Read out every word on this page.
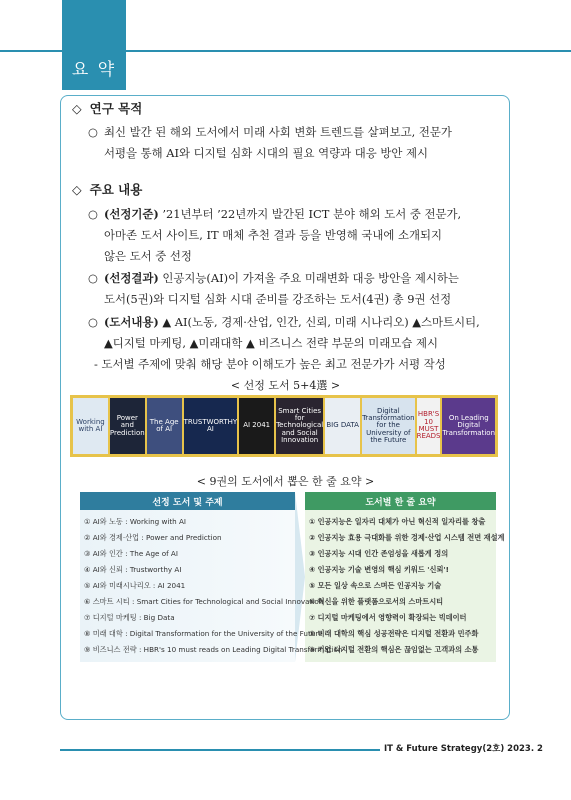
요 약
◇ 연구 목적
○ 최신 발간 된 해외 도서에서 미래 사회 변화 트렌드를 살펴보고, 전문가
서평을 통해 AI와 디지털 심화 시대의 필요 역량과 대응 방안 제시
◇ 주요 내용
○ (선정기준) ’21년부터 ’22년까지 발간된 ICT 분야 해외 도서 중 전문가,
아마존 도서 사이트, IT 매체 추천 결과 등을 반영해 국내에 소개되지
않은 도서 중 선정
○ (선정결과) 인공지능(AI)이 가져올 주요 미래변화 대응 방안을 제시하는
도서(5권)와 디지털 심화 시대 준비를 강조하는 도서(4권) 총 9권 선정
○ (도서내용) ▲ AI(노동, 경제·산업, 인간, 신뢰, 미래 시나리오) ▲스마트시티,
▲디지털 마케팅, ▲미래대학 ▲ 비즈니스 전략 부문의 미래모습 제시
- 도서별 주제에 맞춰 해당 분야 이해도가 높은 최고 전문가가 서평 작성
< 선정 도서 5+4選 >
Working with AI
Power and Prediction
The Age of AI
TRUSTWORTHY AI	AI 2041
Smart Cities for Technological and Social Innovation
BIG DATA
Digital Transformation for the University of the Future
HBR'S 10 MUST READS
On Leading Digital Transformation
< 9권의 도서에서 뽑은 한 줄 요약 >
선정 도서 및 주제	도서별 한 줄 요약
① AI와 노동 : Working with AI
② AI와 경제·산업 : Power and Prediction
③ AI와 인간 : The Age of AI
④ AI와 신뢰 : Trustworthy AI
⑤ AI와 미래시나리오 : AI 2041
⑥ 스마트 시티 : Smart Cities for Technological and Social Innovation
⑦ 디지털 마케팅 : Big Data
⑧ 미래 대학 : Digital Transformation for the University of the Future
⑨ 비즈니스 전략 : HBR's 10 must reads on Leading Digital Transformation
① 인공지능은 일자리 대체가 아닌 혁신적 일자리를 창출
② 인공지능 효용 극대화를 위한 경제·산업 시스템 전면 재설계
③ 인공지능 시대 인간 존엄성을 새롭게 정의
④ 인공지능 기술 변영의 핵심 키워드 '신뢰'!
⑤ 모든 일상 속으로 스며든 인공지능 기술
⑥ 혁신을 위한 플랫폼으로서의 스마트시티
⑦ 디지털 마케팅에서 영향력이 확장되는 빅데이터
⑧ 미래 대학의 핵심 성공전략은 디지털 전환과 민주화
⑨ 기업 디지털 전환의 핵심은 끊임없는 고객과의 소통
IT & Future Strategy(2호) 2023. 2
